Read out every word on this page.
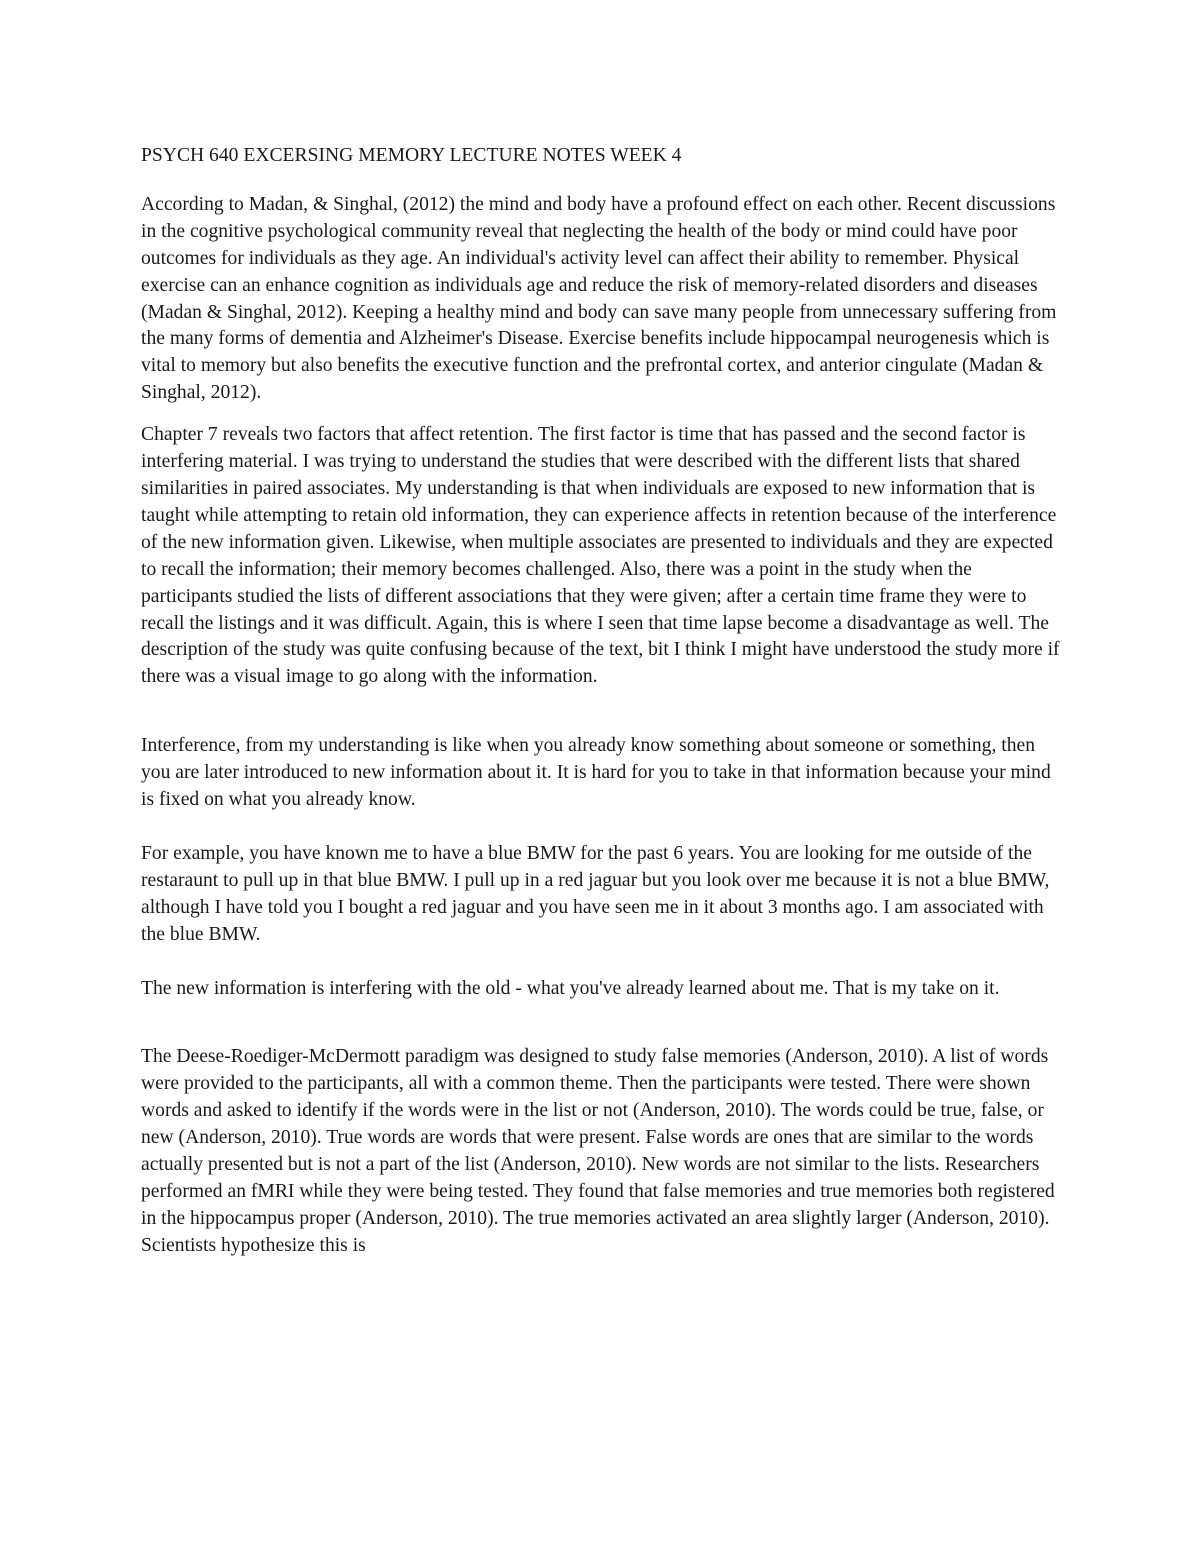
PSYCH 640 EXCERSING MEMORY LECTURE NOTES WEEK 4

According to Madan, & Singhal, (2012) the mind and body have a profound effect on each other. Recent discussions in the cognitive psychological community reveal that neglecting the health of the body or mind could have poor outcomes for individuals as they age. An individual's activity level can affect their ability to remember. Physical exercise can an enhance cognition as individuals age and reduce the risk of memory-related disorders and diseases (Madan & Singhal, 2012). Keeping a healthy mind and body can save many people from unnecessary suffering from the many forms of dementia and Alzheimer's Disease. Exercise benefits include hippocampal neurogenesis which is vital to memory but also benefits the executive function and the prefrontal cortex, and anterior cingulate (Madan & Singhal, 2012).

Chapter 7 reveals two factors that affect retention. The first factor is time that has passed and the second factor is interfering material. I was trying to understand the studies that were described with the different lists that shared similarities in paired associates. My understanding is that when individuals are exposed to new information that is taught while attempting to retain old information, they can experience affects in retention because of the interference of the new information given. Likewise, when multiple associates are presented to individuals and they are expected to recall the information; their memory becomes challenged. Also, there was a point in the study when the participants studied the lists of different associations that they were given; after a certain time frame they were to recall the listings and it was difficult. Again, this is where I seen that time lapse become a disadvantage as well. The description of the study was quite confusing because of the text, bit I think I might have understood the study more if there was a visual image to go along with the information.

Interference, from my understanding is like when you already know something about someone or something, then you are later introduced to new information about it. It is hard for you to take in that information because your mind is fixed on what you already know.

For example, you have known me to have a blue BMW for the past 6 years. You are looking for me outside of the restaraunt to pull up in that blue BMW. I pull up in a red jaguar but you look over me because it is not a blue BMW, although I have told you I bought a red jaguar and you have seen me in it about 3 months ago. I am associated with the blue BMW.

The new information is interfering with the old - what you've already learned about me. That is my take on it.

The Deese-Roediger-McDermott paradigm was designed to study false memories (Anderson, 2010). A list of words were provided to the participants, all with a common theme. Then the participants were tested. There were shown words and asked to identify if the words were in the list or not (Anderson, 2010). The words could be true, false, or new (Anderson, 2010). True words are words that were present. False words are ones that are similar to the words actually presented but is not a part of the list (Anderson, 2010). New words are not similar to the lists. Researchers performed an fMRI while they were being tested. They found that false memories and true memories both registered in the hippocampus proper (Anderson, 2010). The true memories activated an area slightly larger (Anderson, 2010). Scientists hypothesize this is
